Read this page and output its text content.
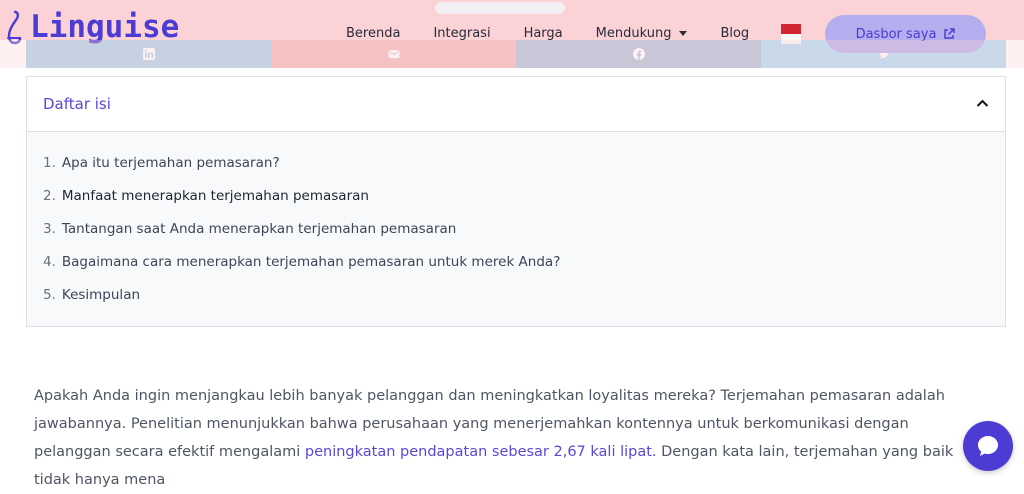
Linguise	Berenda	Integrasi	Harga	Mendukung	Blog	Dasbor saya
Daftar isi
1. Apa itu terjemahan pemasaran?
2. Manfaat menerapkan terjemahan pemasaran
3. Tantangan saat Anda menerapkan terjemahan pemasaran
4. Bagaimana cara menerapkan terjemahan pemasaran untuk merek Anda?
5. Kesimpulan

Apakah Anda ingin menjangkau lebih banyak pelanggan dan meningkatkan loyalitas mereka? Terjemahan pemasaran adalah jawabannya. Penelitian menunjukkan bahwa perusahaan yang menerjemahkan kontennya untuk berkomunikasi dengan pelanggan secara efektif mengalami peningkatan pendapatan sebesar 2,67 kali lipat. Dengan kata lain, terjemahan yang baik tidak hanya mena
